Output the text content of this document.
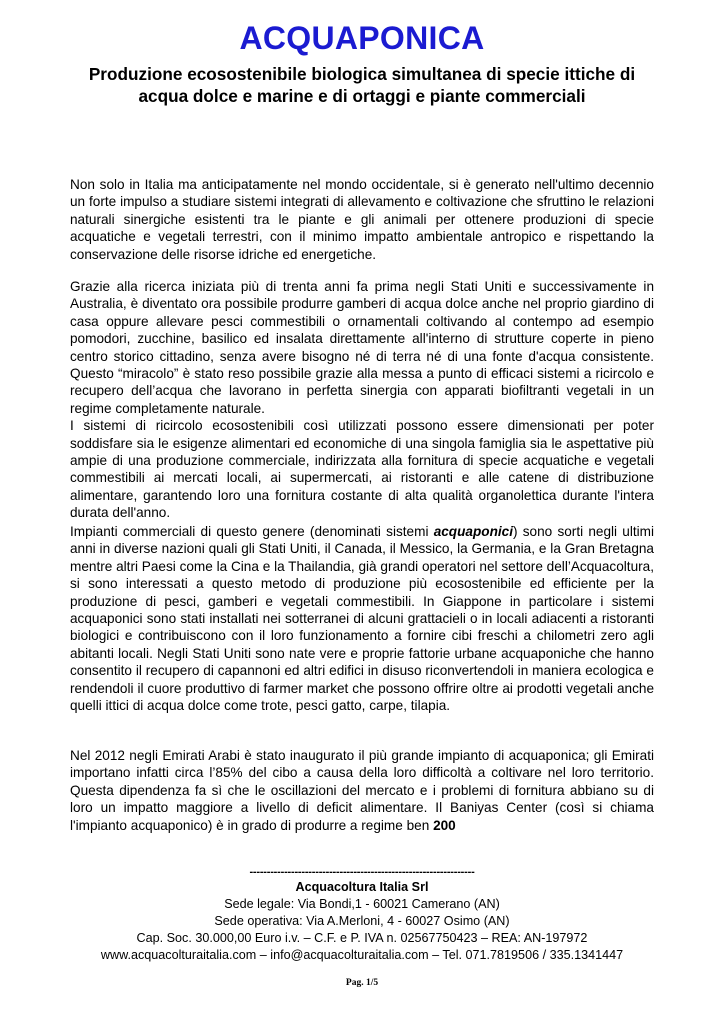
ACQUAPONICA
Produzione ecosostenibile biologica simultanea di specie ittiche di acqua dolce e marine e di ortaggi e piante commerciali

Non solo in Italia ma anticipatamente nel mondo occidentale, si è generato nell'ultimo decennio un forte impulso a studiare sistemi integrati di allevamento e coltivazione che sfruttino le relazioni naturali sinergiche esistenti tra le piante e gli animali per ottenere produzioni di specie acquatiche e vegetali terrestri, con il minimo impatto ambientale antropico e rispettando la conservazione delle risorse idriche ed energetiche.

Grazie alla ricerca iniziata più di trenta anni fa prima negli Stati Uniti e successivamente in Australia, è diventato ora possibile produrre gamberi di acqua dolce anche nel proprio giardino di casa oppure allevare pesci commestibili o ornamentali coltivando al contempo ad esempio pomodori, zucchine, basilico ed insalata direttamente all'interno di strutture coperte in pieno centro storico cittadino, senza avere bisogno né di terra né di una fonte d'acqua consistente. Questo “miracolo” è stato reso possibile grazie alla messa a punto di efficaci sistemi a ricircolo e recupero dell’acqua che lavorano in perfetta sinergia con apparati biofiltranti vegetali in un regime completamente naturale.
I sistemi di ricircolo ecosostenibili così utilizzati possono essere dimensionati per poter soddisfare sia le esigenze alimentari ed economiche di una singola famiglia sia le aspettative più ampie di una produzione commerciale, indirizzata alla fornitura di specie acquatiche e vegetali commestibili ai mercati locali, ai supermercati, ai ristoranti e alle catene di distribuzione alimentare, garantendo loro una fornitura costante di alta qualità organolettica durante l'intera durata dell'anno.

Impianti commerciali di questo genere (denominati sistemi acquaponici) sono sorti negli ultimi anni in diverse nazioni quali gli Stati Uniti, il Canada, il Messico, la Germania, e la Gran Bretagna mentre altri Paesi come la Cina e la Thailandia, già grandi operatori nel settore dell’Acquacoltura, si sono interessati a questo metodo di produzione più ecosostenibile ed efficiente per la produzione di pesci, gamberi e vegetali commestibili. In Giappone in particolare i sistemi acquaponici sono stati installati nei sotterranei di alcuni grattacieli o in locali adiacenti a ristoranti biologici e contribuiscono con il loro funzionamento a fornire cibi freschi a chilometri zero agli abitanti locali. Negli Stati Uniti sono nate vere e proprie fattorie urbane acquaponiche che hanno consentito il recupero di capannoni ed altri edifici in disuso riconvertendoli in maniera ecologica e rendendoli il cuore produttivo di farmer market che possono offrire oltre ai prodotti vegetali anche quelli ittici di acqua dolce come trote, pesci gatto, carpe, tilapia.

Nel 2012 negli Emirati Arabi è stato inaugurato il più grande impianto di acquaponica; gli Emirati importano infatti circa l’85% del cibo a causa della loro difficoltà a coltivare nel loro territorio. Questa dipendenza fa sì che le oscillazioni del mercato e i problemi di fornitura abbiano su di loro un impatto maggiore a livello di deficit alimentare. Il Baniyas Center (così si chiama l'impianto acquaponico) è in grado di produrre a regime ben 200

-----------------------------------------------------------------
Acquacoltura Italia Srl
Sede legale: Via Bondi,1 - 60021 Camerano (AN)
Sede operativa: Via A.Merloni, 4 - 60027 Osimo (AN)
Cap. Soc. 30.000,00 Euro i.v. – C.F. e P. IVA n. 02567750423 – REA: AN-197972
www.acquacolturaitalia.com – info@acquacolturaitalia.com – Tel. 071.7819506 / 335.1341447
Pag. 1/5
